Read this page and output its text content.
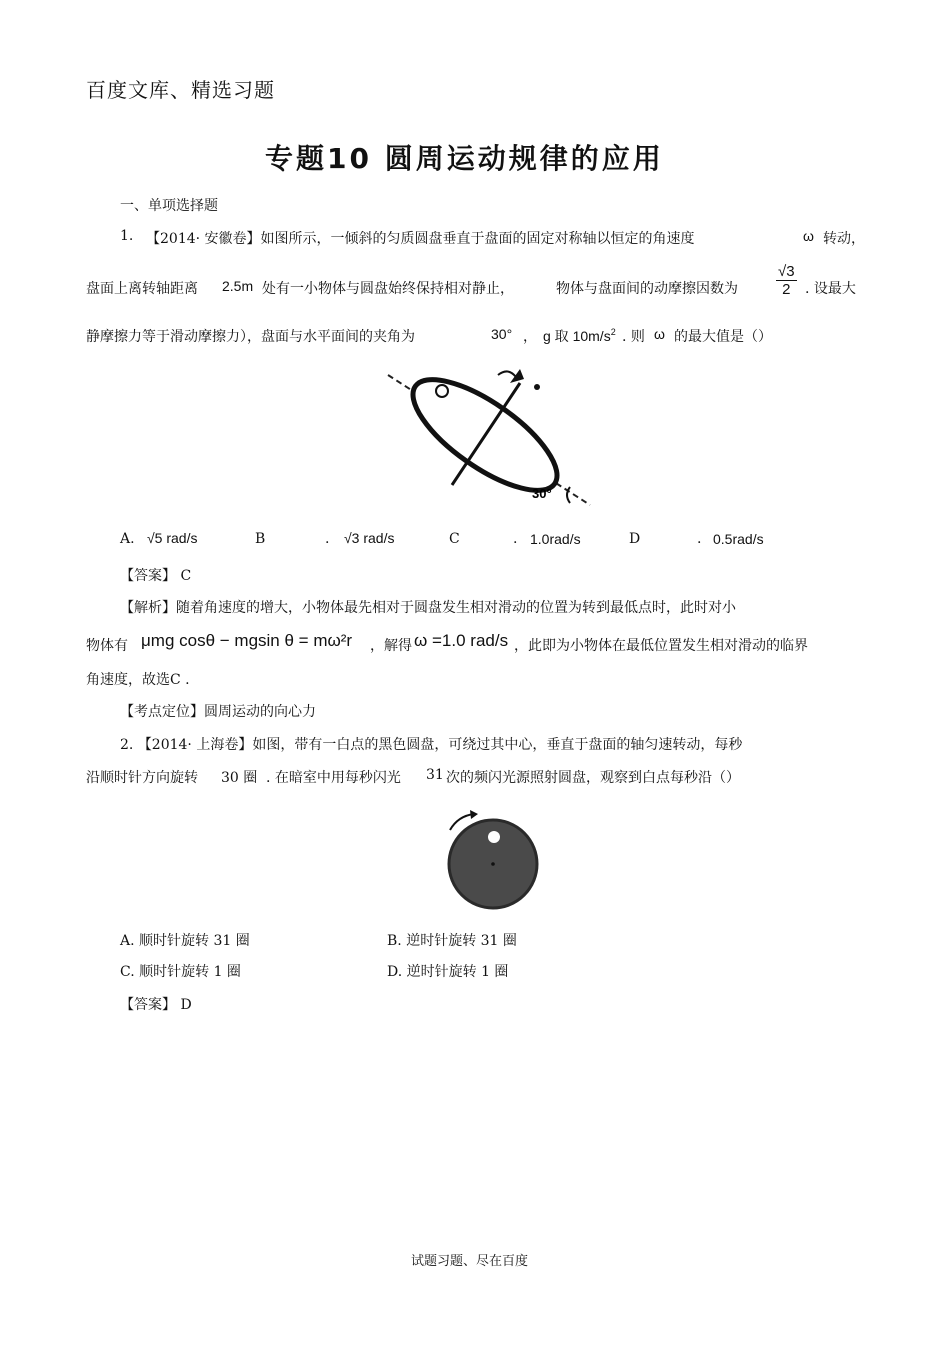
百度文库、精选习题
专题10 圆周运动规律的应用
一、单项选择题
1. 【2014· 安徽卷】如图所示，一倾斜的匀质圆盘垂直于盘面的固定对称轴以恒定的角速度	ω 转动，
盘面上离转轴距离 2.5m 处有一小物体与圆盘始终保持相对静止，	物体与盘面间的动摩擦因数为	$\frac{√3}{2}$ . 设最大
静摩擦力等于滑动摩擦力），盘面与水平面间的夹角为	30° ， g 取 $10m/s^2$ . 则 ω 的最大值是（）
30°
A. √5 rad/s	B	. √3 rad/s	C	. 1.0rad/s	D	. 0.5rad/s
【答案】 C
【解析】随着角速度的增大，小物体最先相对于圆盘发生相对滑动的位置为转到最低点时，此时对小
物体有 μmg cosθ − mgsin θ = mω²r ，解得 ω =1.0 rad/s ，此即为小物体在最低位置发生相对滑动的临界
角速度，故选C .
【考点定位】圆周运动的向心力
2. 【2014· 上海卷】如图，带有一白点的黑色圆盘，可绕过其中心，垂直于盘面的轴匀速转动，每秒
沿顺时针方向旋转 30 圈 . 在暗室中用每秒闪光 31 次的频闪光源照射圆盘，观察到白点每秒沿（）
A. 顺时针旋转 31 圈	B. 逆时针旋转 31 圈
C. 顺时针旋转 1 圈	D. 逆时针旋转 1 圈
【答案】 D
试题习题、尽在百度
